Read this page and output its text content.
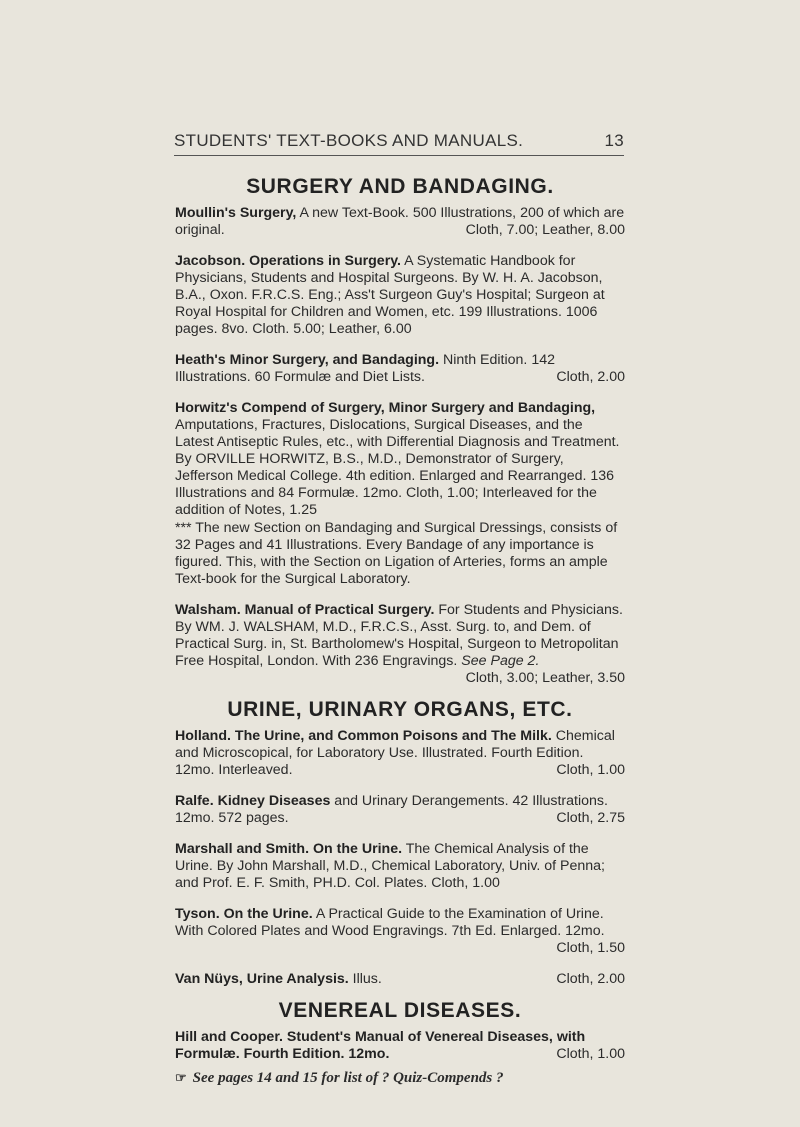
STUDENTS' TEXT-BOOKS AND MANUALS.	13
SURGERY AND BANDAGING.
Moullin's Surgery, A new Text-Book. 500 Illustrations, 200 of which are original.	Cloth, 7.00; Leather, 8.00
Jacobson. Operations in Surgery. A Systematic Handbook for Physicians, Students and Hospital Surgeons. By W. H. A. Jacobson, B.A., Oxon. F.R.C.S. Eng.; Ass't Surgeon Guy's Hospital; Surgeon at Royal Hospital for Children and Women, etc. 199 Illustrations. 1006 pages. 8vo. Cloth. 5.00; Leather, 6.00
Heath's Minor Surgery, and Bandaging. Ninth Edition. 142 Illustrations. 60 Formulæ and Diet Lists.	Cloth, 2.00
Horwitz's Compend of Surgery, Minor Surgery and Bandaging, Amputations, Fractures, Dislocations, Surgical Diseases, and the Latest Antiseptic Rules, etc., with Differential Diagnosis and Treatment. By ORVILLE HORWITZ, B.S., M.D., Demonstrator of Surgery, Jefferson Medical College. 4th edition. Enlarged and Rearranged. 136 Illustrations and 84 Formulæ. 12mo. Cloth, 1.00; Interleaved for the addition of Notes, 1.25
*** The new Section on Bandaging and Surgical Dressings, consists of 32 Pages and 41 Illustrations. Every Bandage of any importance is figured. This, with the Section on Ligation of Arteries, forms an ample Text-book for the Surgical Laboratory.
Walsham. Manual of Practical Surgery. For Students and Physicians. By WM. J. WALSHAM, M.D., F.R.C.S., Asst. Surg. to, and Dem. of Practical Surg. in, St. Bartholomew's Hospital, Surgeon to Metropolitan Free Hospital, London. With 236 Engravings. See Page 2.
Cloth, 3.00; Leather, 3.50
URINE, URINARY ORGANS, ETC.
Holland. The Urine, and Common Poisons and The Milk. Chemical and Microscopical, for Laboratory Use. Illustrated. Fourth Edition. 12mo. Interleaved.	Cloth, 1.00
Ralfe. Kidney Diseases and Urinary Derangements. 42 Illustrations. 12mo. 572 pages.	Cloth, 2.75
Marshall and Smith. On the Urine. The Chemical Analysis of the Urine. By John Marshall, M.D., Chemical Laboratory, Univ. of Penna; and Prof. E. F. Smith, PH.D. Col. Plates. Cloth, 1.00
Tyson. On the Urine. A Practical Guide to the Examination of Urine. With Colored Plates and Wood Engravings. 7th Ed. Enlarged. 12mo.
Cloth, 1.50
Van Nüys, Urine Analysis. Illus.	Cloth, 2.00
VENEREAL DISEASES.
Hill and Cooper. Student's Manual of Venereal Diseases, with Formulæ. Fourth Edition. 12mo.	Cloth, 1.00
☞ See pages 14 and 15 for list of ? Quiz-Compends ?
